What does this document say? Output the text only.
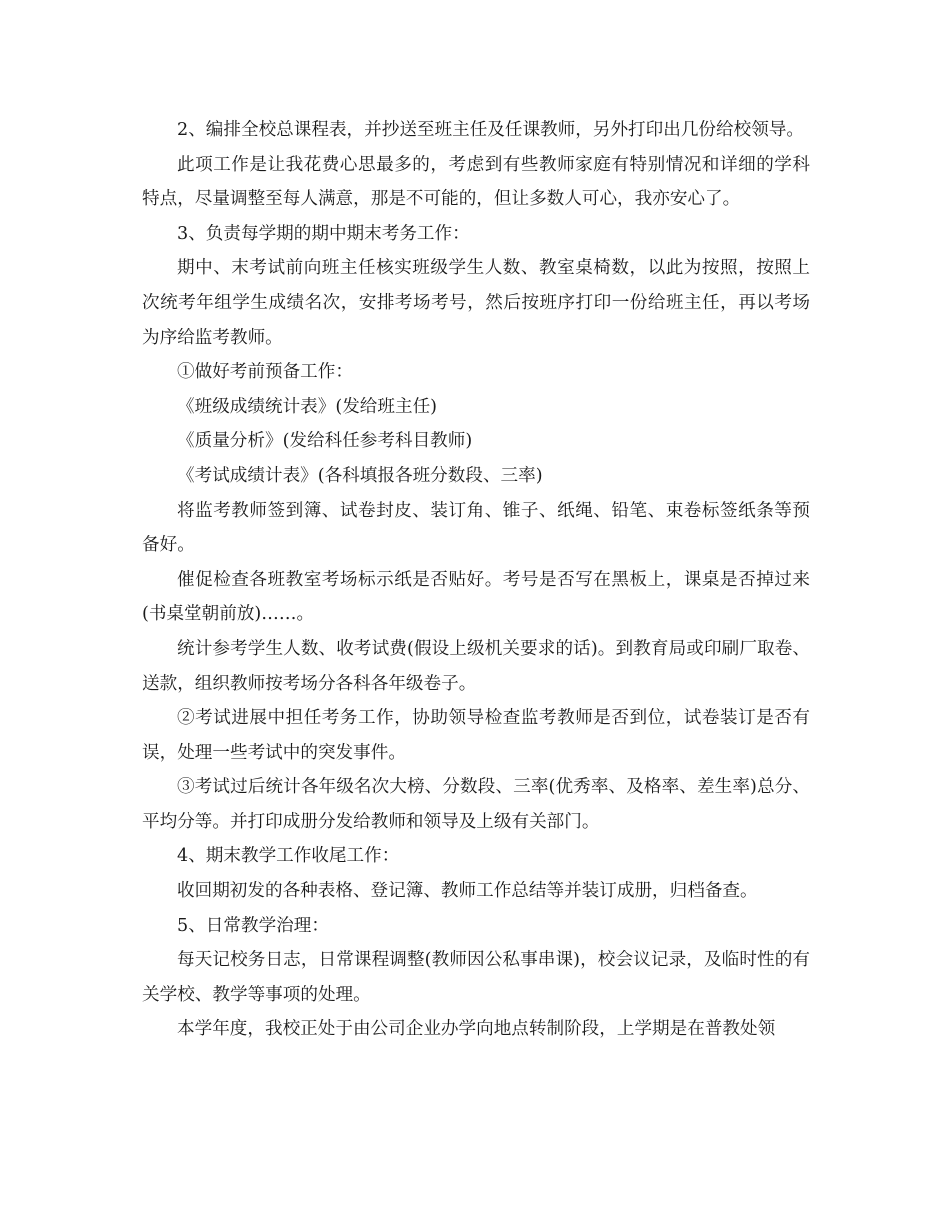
2、编排全校总课程表，并抄送至班主任及任课教师，另外打印出几份给校领导。

此项工作是让我花费心思最多的，考虑到有些教师家庭有特别情况和详细的学科特点，尽量调整至每人满意，那是不可能的，但让多数人可心，我亦安心了。

3、负责每学期的期中期末考务工作：

期中、末考试前向班主任核实班级学生人数、教室桌椅数，以此为按照，按照上次统考年组学生成绩名次，安排考场考号，然后按班序打印一份给班主任，再以考场为序给监考教师。

①做好考前预备工作：

《班级成绩统计表》(发给班主任)

《质量分析》(发给科任参考科目教师)

《考试成绩计表》(各科填报各班分数段、三率)

将监考教师签到簿、试卷封皮、装订角、锥子、纸绳、铅笔、束卷标签纸条等预备好。

催促检查各班教室考场标示纸是否贴好。考号是否写在黑板上，课桌是否掉过来(书桌堂朝前放)……。

统计参考学生人数、收考试费(假设上级机关要求的话)。到教育局或印刷厂取卷、送款，组织教师按考场分各科各年级卷子。

②考试进展中担任考务工作，协助领导检查监考教师是否到位，试卷装订是否有误，处理一些考试中的突发事件。

③考试过后统计各年级名次大榜、分数段、三率(优秀率、及格率、差生率)总分、平均分等。并打印成册分发给教师和领导及上级有关部门。

4、期末教学工作收尾工作：

收回期初发的各种表格、登记簿、教师工作总结等并装订成册，归档备查。

5、日常教学治理：

每天记校务日志，日常课程调整(教师因公私事串课)，校会议记录，及临时性的有关学校、教学等事项的处理。

本学年度，我校正处于由公司企业办学向地点转制阶段，上学期是在普教处领
